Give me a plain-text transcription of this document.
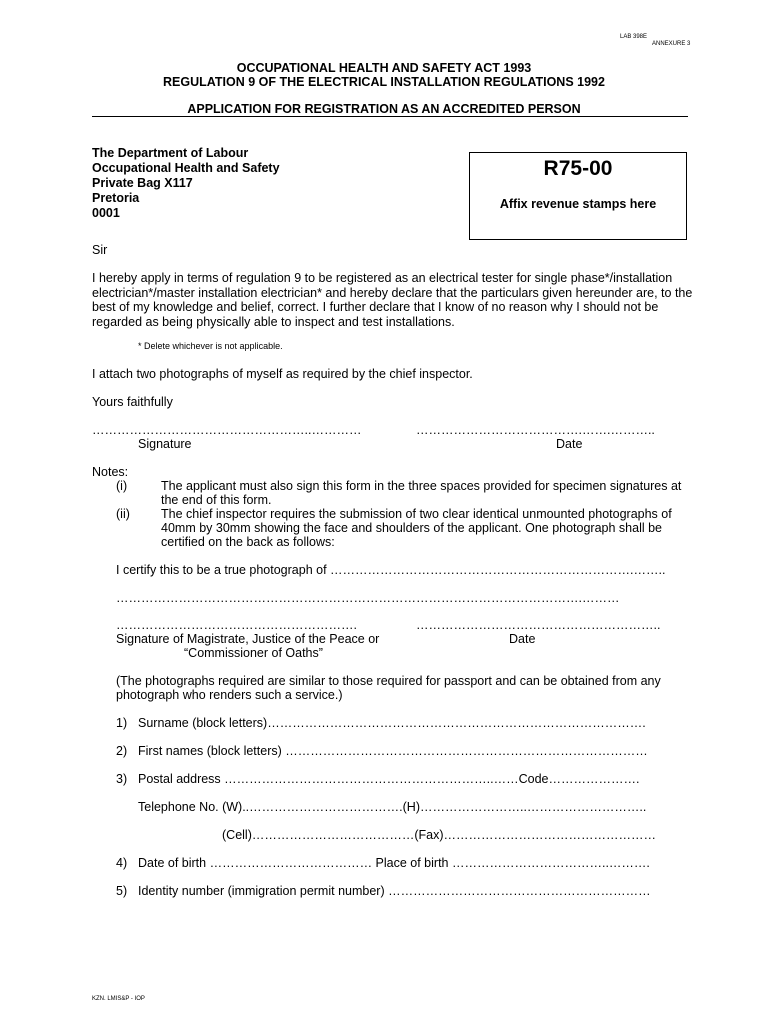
LAB 398E
ANNEXURE 3
OCCUPATIONAL HEALTH AND SAFETY ACT 1993
REGULATION 9 OF THE ELECTRICAL INSTALLATION REGULATIONS 1992
APPLICATION FOR REGISTRATION AS AN ACCREDITED PERSON
The Department of Labour
Occupational Health and Safety
Private Bag X117
Pretoria
0001
R75-00
Affix revenue stamps here
Sir
I hereby apply in terms of regulation 9 to be registered as an electrical tester for single phase*/installation electrician*/master installation electrician* and hereby declare that the particulars given hereunder are, to the best of my knowledge and belief, correct. I further declare that I know of no reason why I should not be regarded as being physically able to inspect and test installations.
* Delete whichever is not applicable.
I attach two photographs of myself as required by the chief inspector.
Yours faithfully
……………………………………………..…………	………………………………….…….………..
Signature	Date
Notes:
(i)	The applicant must also sign this form in the three spaces provided for specimen signatures at the end of this form.
(ii) The chief inspector requires the submission of two clear identical unmounted photographs of 40mm by 30mm showing the face and shoulders of the applicant. One photograph shall be certified on the back as follows:
I certify this to be a true photograph of ……………………………………………………………….……..
………………………………………………………………………………………………….………
………………………………………………….	…………………………………………………..
Signature of Magistrate, Justice of the Peace or	Date
“Commissioner of Oaths”
(The photographs required are similar to those required for passport and can be obtained from any photograph who renders such a service.)
1) Surname (block letters)……………………………………………………………………………….
2) First names (block letters) ……………………………………………………………………………
3) Postal address ………………………………………………………..……Code………………….
Telephone No. (W)..……………………………….(H)……………………..………………………..
(Cell)…………………………………(Fax)……………………………………………
4) Date of birth ………………………………… Place of birth ………………………………..……….
5) Identity number (immigration permit number) ………………………………………………………
KZN. LMIS&P - IOP
